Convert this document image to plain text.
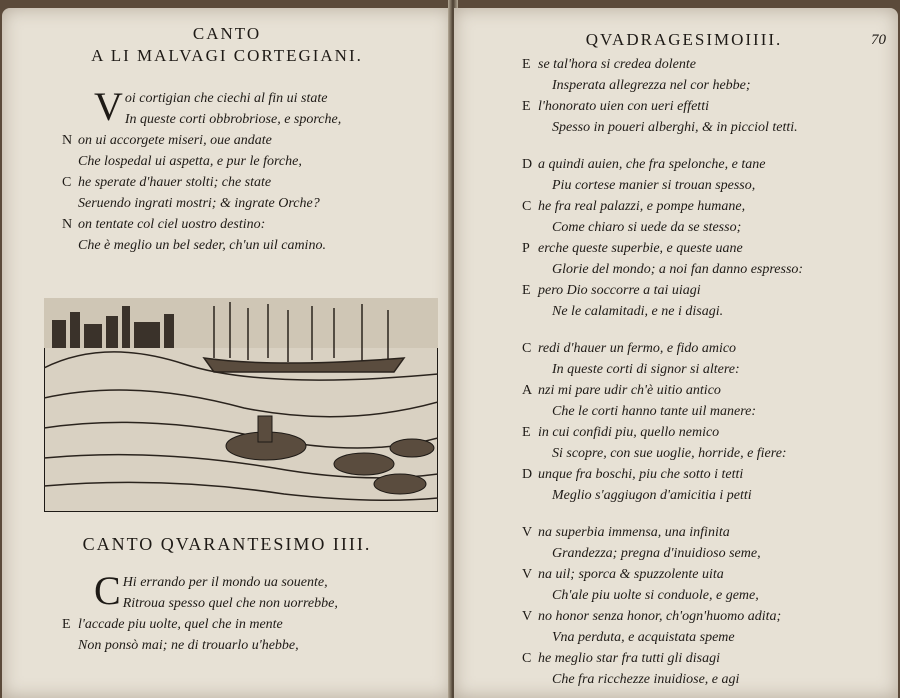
CANTO
A LI MALVAGI CORTEGIANI.
V oi cortigian che ciechi al fin ui state
In queste corti obbrobriose, e sporche,
N on ui accorgete miseri, oue andate
Che lospedal ui aspetta, e pur le forche,
C he sperate d'hauer stolti; che state
Seruendo ingrati mostri; & ingrate Orche?
N on tentate col ciel uostro destino:
Che è meglio un bel seder, ch'un uil camino.
CANTO QVARANTESIMO IIII.
C Hi errando per il mondo ua souente,
Ritroua spesso quel che non uorrebbe,
E l'accade piu uolte, quel che in mente
Non ponsò mai; ne di trouarlo u'hebbe,
QVADRAGESIMOIIII.	70
E se tal'hora si credea dolente
Insperata allegrezza nel cor hebbe;
E l'honorato uien con ueri effetti
Spesso in poueri alberghi, & in picciol tetti.
D a quindi auien, che fra spelonche, e tane
Piu cortese manier si trouan spesso,
C he fra real palazzi, e pompe humane,
Come chiaro si uede da se stesso;
P erche queste superbie, e queste uane
Glorie del mondo; a noi fan danno espresso:
E pero Dio soccorre a tai uiagi
Ne le calamitadi, e ne i disagi.
C redi d'hauer un fermo, e fido amico
In queste corti di signor si altere:
A nzi mi pare udir ch'è uitio antico
Che le corti hanno tante uil manere:
E in cui confidi piu, quello nemico
Si scopre, con sue uoglie, horride, e fiere:
D unque fra boschi, piu che sotto i tetti
Meglio s'aggiugon d'amicitia i petti
V na superbia immensa, una infinita
Grandezza; pregna d'inuidioso seme,
V na uil; sporca & spuzzolente uita
Ch'ale piu uolte si conduole, e geme,
V no honor senza honor, ch'ogn'huomo adita;
Vna perduta, e acquistata speme
C he meglio star fra tutti gli disagi
Che fra ricchezze inuidiose, e agi
